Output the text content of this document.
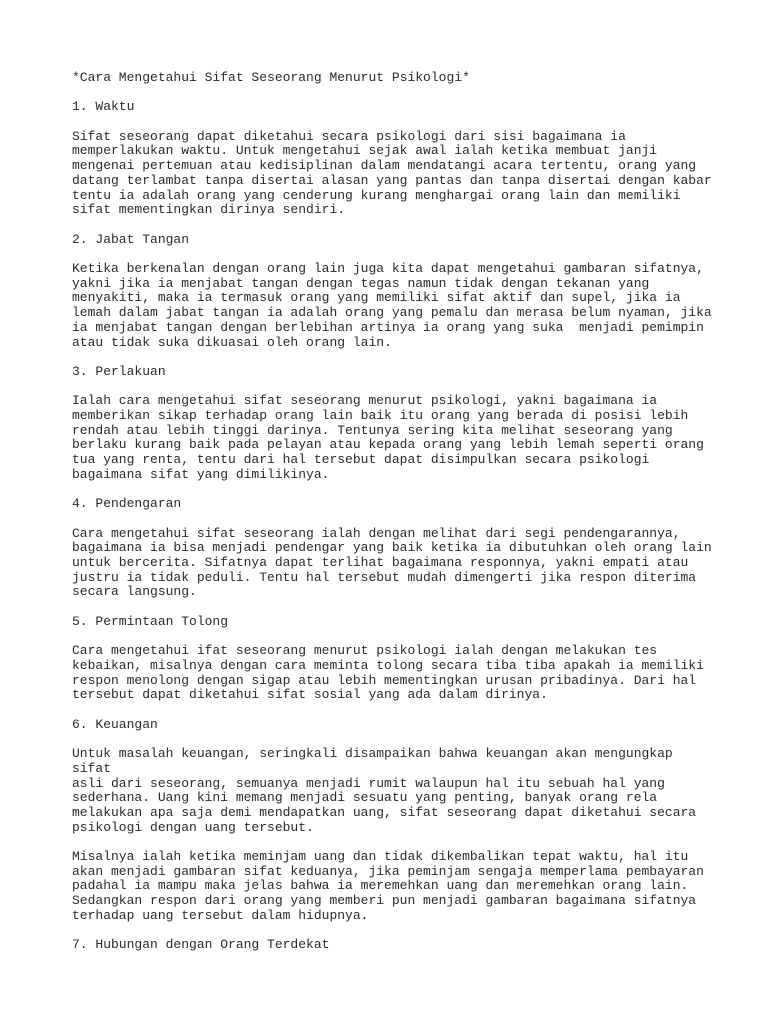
*Cara Mengetahui Sifat Seseorang Menurut Psikologi*
1. Waktu
Sifat seseorang dapat diketahui secara psikologi dari sisi bagaimana ia
memperlakukan waktu. Untuk mengetahui sejak awal ialah ketika membuat janji
mengenai pertemuan atau kedisiplinan dalam mendatangi acara tertentu, orang yang
datang terlambat tanpa disertai alasan yang pantas dan tanpa disertai dengan kabar
tentu ia adalah orang yang cenderung kurang menghargai orang lain dan memiliki
sifat mementingkan dirinya sendiri.
2. Jabat Tangan
Ketika berkenalan dengan orang lain juga kita dapat mengetahui gambaran sifatnya,
yakni jika ia menjabat tangan dengan tegas namun tidak dengan tekanan yang
menyakiti, maka ia termasuk orang yang memiliki sifat aktif dan supel, jika ia
lemah dalam jabat tangan ia adalah orang yang pemalu dan merasa belum nyaman, jika
ia menjabat tangan dengan berlebihan artinya ia orang yang suka  menjadi pemimpin
atau tidak suka dikuasai oleh orang lain.
3. Perlakuan
Ialah cara mengetahui sifat seseorang menurut psikologi, yakni bagaimana ia
memberikan sikap terhadap orang lain baik itu orang yang berada di posisi lebih
rendah atau lebih tinggi darinya. Tentunya sering kita melihat seseorang yang
berlaku kurang baik pada pelayan atau kepada orang yang lebih lemah seperti orang
tua yang renta, tentu dari hal tersebut dapat disimpulkan secara psikologi
bagaimana sifat yang dimilikinya.
4. Pendengaran
Cara mengetahui sifat seseorang ialah dengan melihat dari segi pendengarannya,
bagaimana ia bisa menjadi pendengar yang baik ketika ia dibutuhkan oleh orang lain
untuk bercerita. Sifatnya dapat terlihat bagaimana responnya, yakni empati atau
justru ia tidak peduli. Tentu hal tersebut mudah dimengerti jika respon diterima
secara langsung.
5. Permintaan Tolong
Cara mengetahui ifat seseorang menurut psikologi ialah dengan melakukan tes
kebaikan, misalnya dengan cara meminta tolong secara tiba tiba apakah ia memiliki
respon menolong dengan sigap atau lebih mementingkan urusan pribadinya. Dari hal
tersebut dapat diketahui sifat sosial yang ada dalam dirinya.
6. Keuangan
Untuk masalah keuangan, seringkali disampaikan bahwa keuangan akan mengungkap sifat
asli dari seseorang, semuanya menjadi rumit walaupun hal itu sebuah hal yang
sederhana. Uang kini memang menjadi sesuatu yang penting, banyak orang rela
melakukan apa saja demi mendapatkan uang, sifat seseorang dapat diketahui secara
psikologi dengan uang tersebut.
Misalnya ialah ketika meminjam uang dan tidak dikembalikan tepat waktu, hal itu
akan menjadi gambaran sifat keduanya, jika peminjam sengaja memperlama pembayaran
padahal ia mampu maka jelas bahwa ia meremehkan uang dan meremehkan orang lain.
Sedangkan respon dari orang yang memberi pun menjadi gambaran bagaimana sifatnya
terhadap uang tersebut dalam hidupnya.
7. Hubungan dengan Orang Terdekat
